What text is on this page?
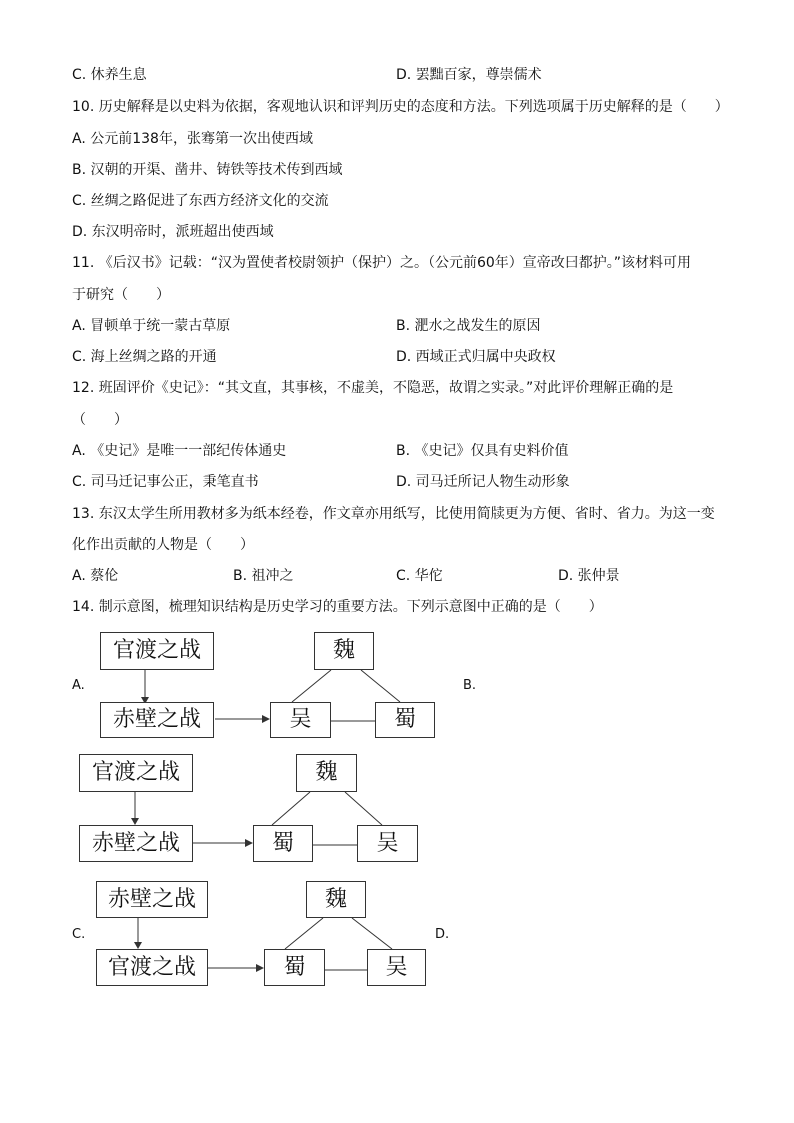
C. 休养生息	D. 罢黜百家，尊崇儒术
10. 历史解释是以史料为依据，客观地认识和评判历史的态度和方法。下列选项属于历史解释的是（　　）
A. 公元前138年，张骞第一次出使西域
B. 汉朝的开渠、凿井、铸铁等技术传到西域
C. 丝绸之路促进了东西方经济文化的交流
D. 东汉明帝时，派班超出使西域
11. 《后汉书》记载：“汉为置使者校尉领护（保护）之。（公元前60年）宣帝改曰都护。”该材料可用
于研究（　　）
A. 冒顿单于统一蒙古草原	B. 淝水之战发生的原因
C. 海上丝绸之路的开通	D. 西域正式归属中央政权
12. 班固评价《史记》：“其文直，其事核，不虚美，不隐恶，故谓之实录。”对此评价理解正确的是
（　　）
A. 《史记》是唯一一部纪传体通史	B. 《史记》仅具有史料价值
C. 司马迁记事公正，秉笔直书	D. 司马迁所记人物生动形象
13. 东汉太学生所用教材多为纸本经卷，作文章亦用纸写，比使用简牍更为方便、省时、省力。为这一变
化作出贡献的人物是（　　）
A. 蔡伦	B. 祖冲之	C. 华佗	D. 张仲景
14. 制示意图，梳理知识结构是历史学习的重要方法。下列示意图中正确的是（　　）
A.	B.
C.	D.
官渡之战
赤壁之战
魏
吴	蜀
官渡之战
赤壁之战
魏
蜀	吴
赤壁之战
官渡之战
魏
蜀	吴
